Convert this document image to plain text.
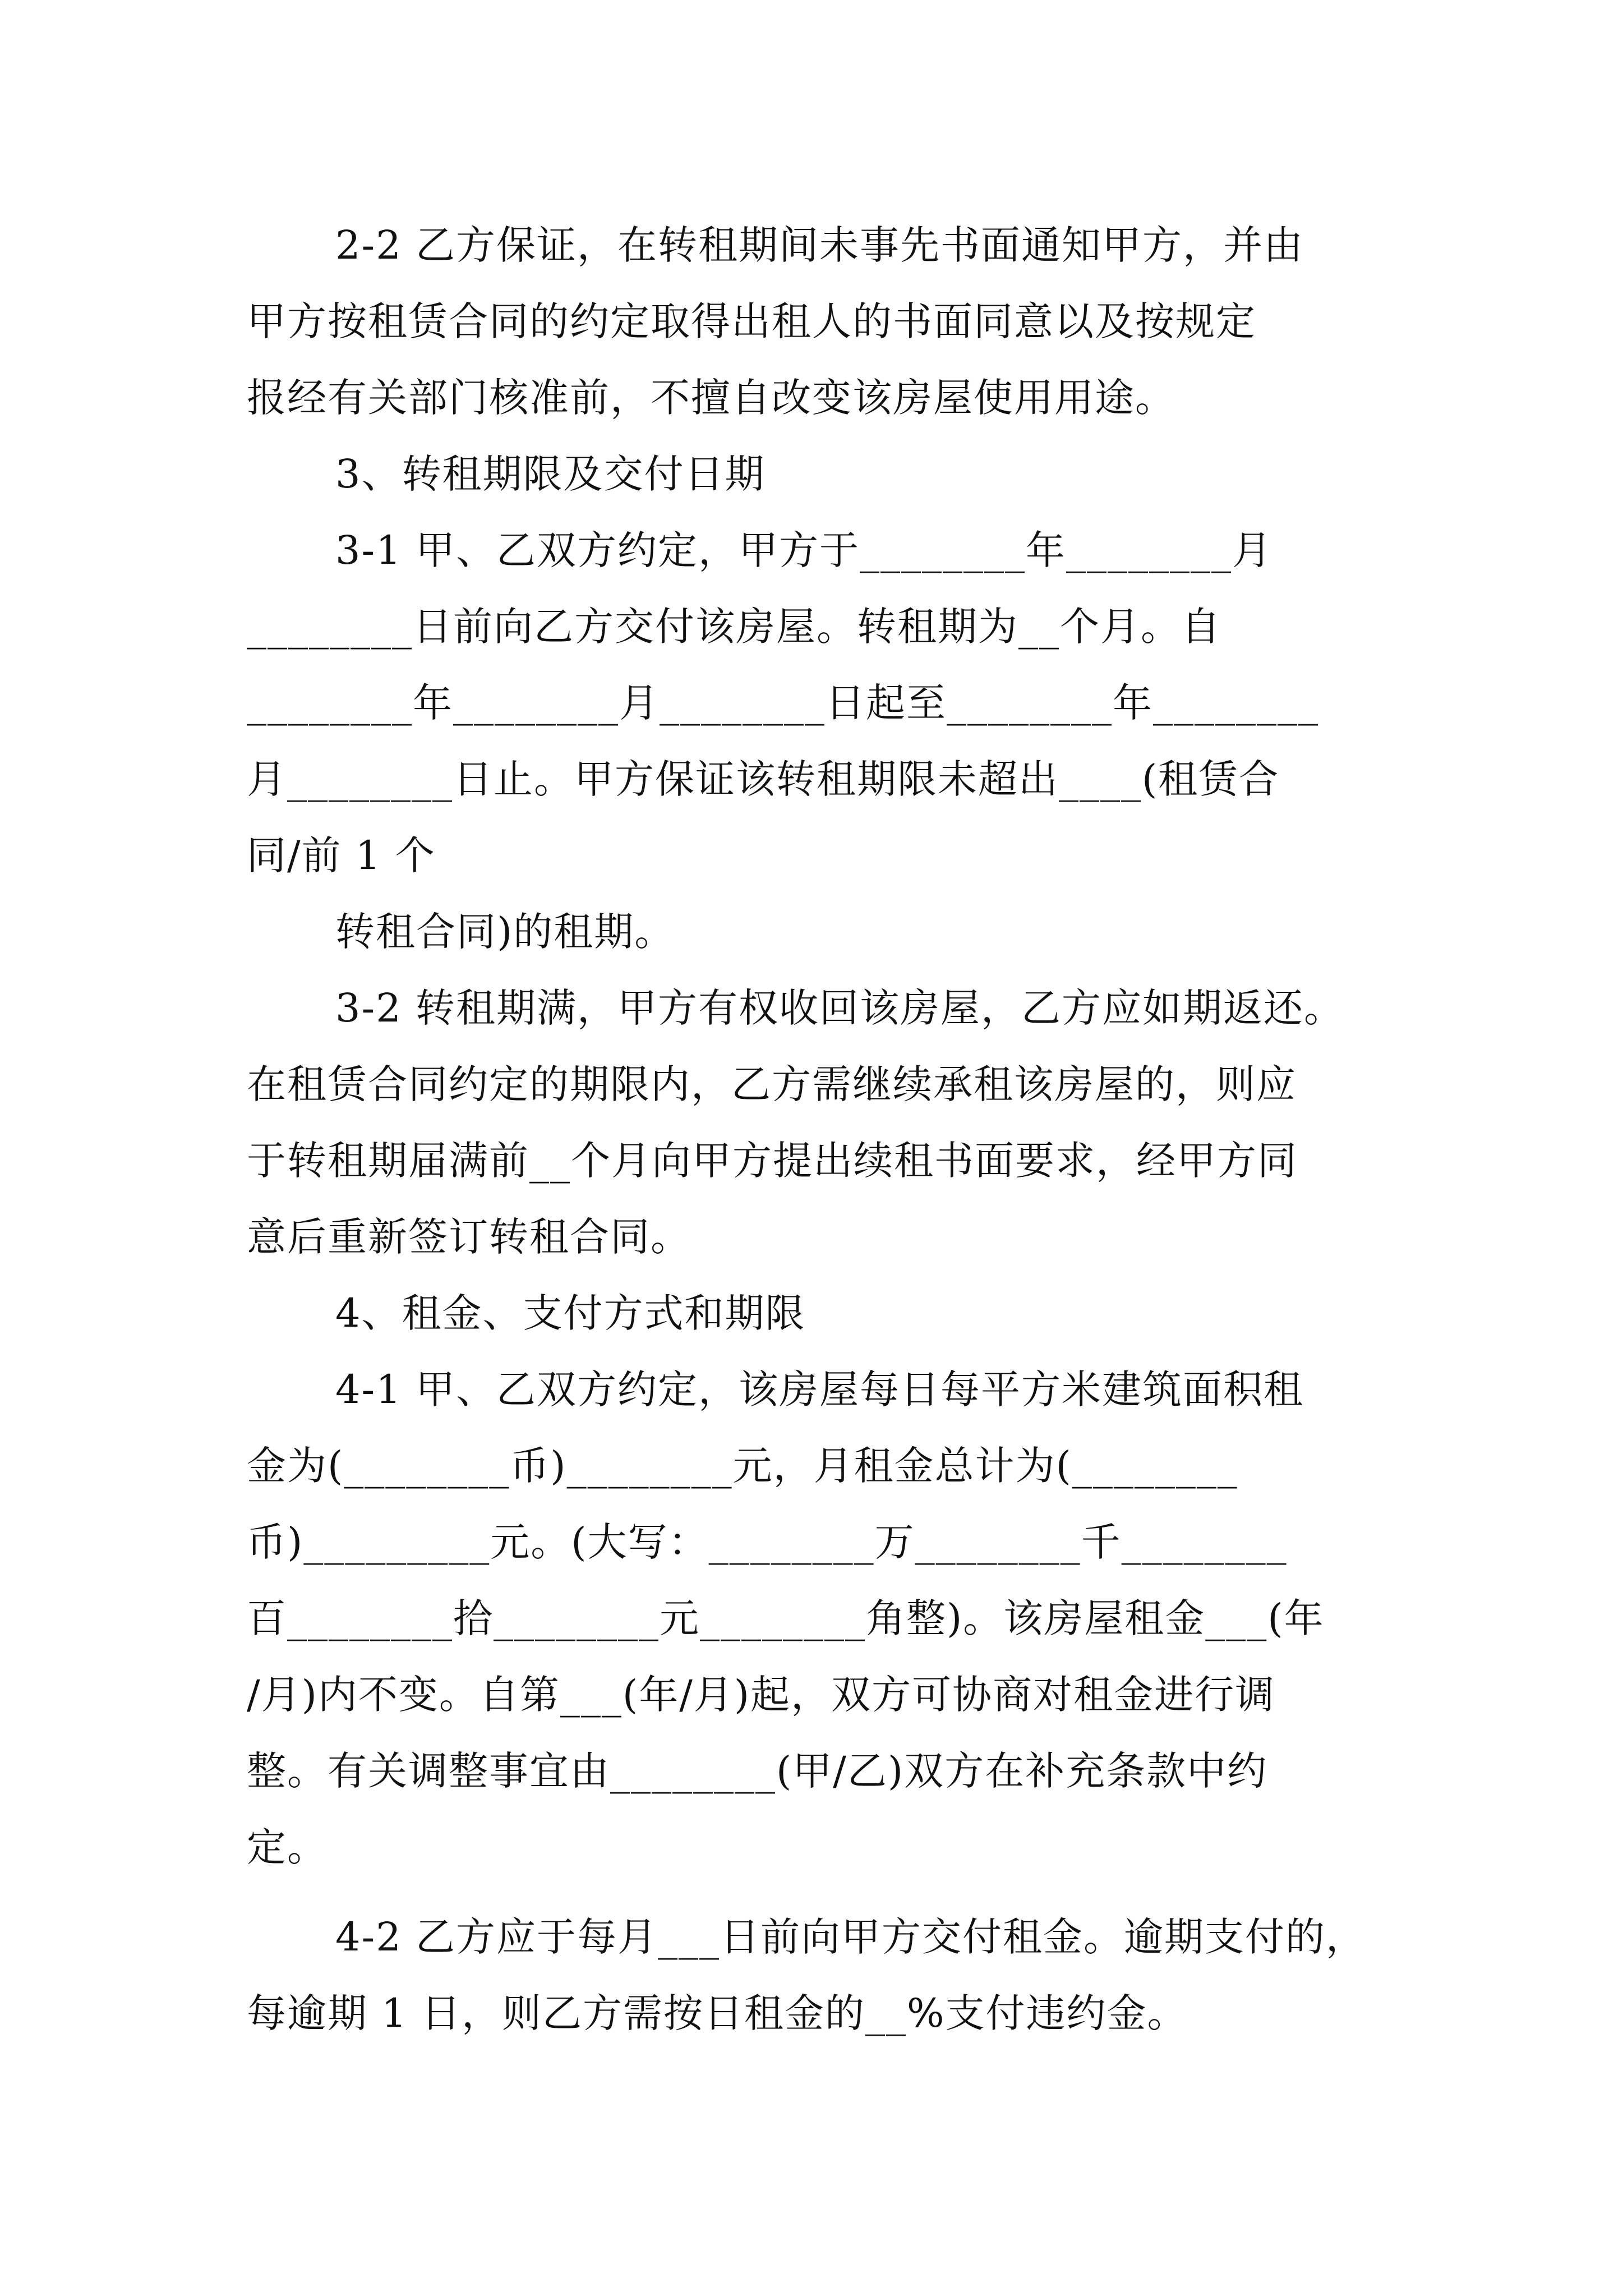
2-2 乙方保证，在转租期间未事先书面通知甲方，并由
甲方按租赁合同的约定取得出租人的书面同意以及按规定
报经有关部门核准前，不擅自改变该房屋使用用途。
3、转租期限及交付日期
3-1 甲、乙双方约定，甲方于________年________月
________日前向乙方交付该房屋。转租期为__个月。自
________年________月________日起至________年________
月________日止。甲方保证该转租期限未超出____(租赁合
同/前 1 个
转租合同)的租期。
3-2 转租期满，甲方有权收回该房屋，乙方应如期返还。
在租赁合同约定的期限内，乙方需继续承租该房屋的，则应
于转租期届满前__个月向甲方提出续租书面要求，经甲方同
意后重新签订转租合同。
4、租金、支付方式和期限
4-1 甲、乙双方约定，该房屋每日每平方米建筑面积租
金为(________币)________元，月租金总计为(________
币)_________元。(大写：________万________千________
百________拾________元________角整)。该房屋租金___(年
/月)内不变。自第___(年/月)起，双方可协商对租金进行调
整。有关调整事宜由________(甲/乙)双方在补充条款中约
定。
4-2 乙方应于每月___日前向甲方交付租金。逾期支付的，
每逾期 1 日，则乙方需按日租金的__%支付违约金。
